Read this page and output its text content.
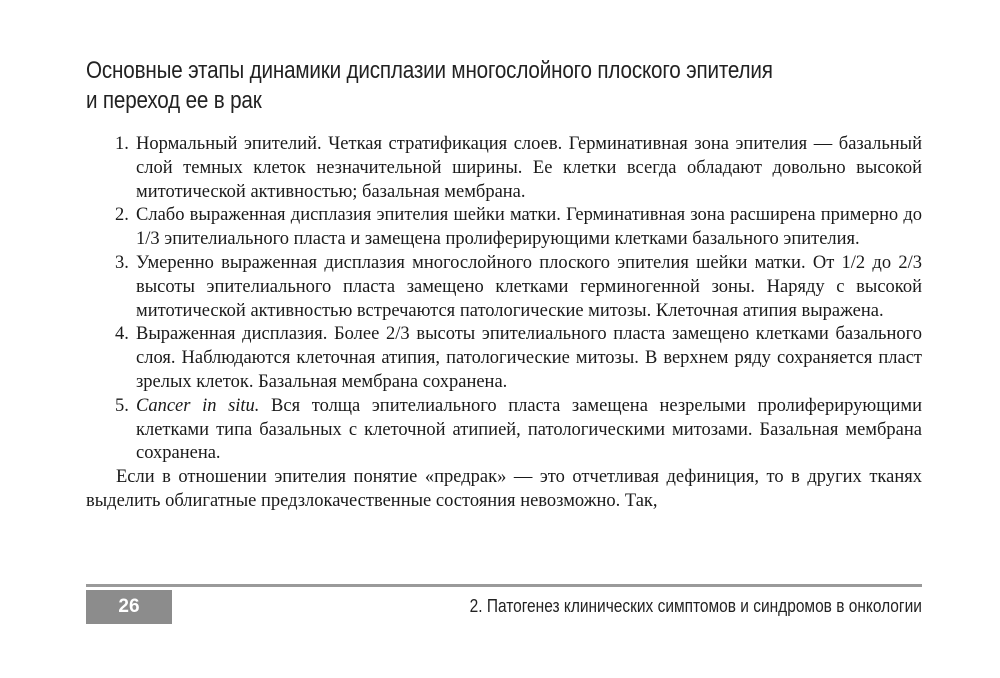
Основные этапы динамики дисплазии многослойного плоского эпителия
и переход ее в рак
1. Нормальный эпителий. Четкая стратификация слоев. Герминативная зона эпителия — базальный слой темных клеток незначительной ширины. Ее клетки всегда обладают довольно высокой митотической активностью; базальная мембрана.
2. Слабо выраженная дисплазия эпителия шейки матки. Герминативная зона расширена примерно до 1/3 эпителиального пласта и замещена пролиферирующими клетками базального эпителия.
3. Умеренно выраженная дисплазия многослойного плоского эпителия шейки матки. От 1/2 до 2/3 высоты эпителиального пласта замещено клетками герминогенной зоны. Наряду с высокой митотической активностью встречаются патологические митозы. Клеточная атипия выражена.
4. Выраженная дисплазия. Более 2/3 высоты эпителиального пласта замещено клетками базального слоя. Наблюдаются клеточная атипия, патологические митозы. В верхнем ряду сохраняется пласт зрелых клеток. Базальная мембрана сохранена.
5. Cancer in situ. Вся толща эпителиального пласта замещена незрелыми пролиферирующими клетками типа базальных с клеточной атипией, патологическими митозами. Базальная мембрана сохранена.

Если в отношении эпителия понятие «предрак» — это отчетливая дефиниция, то в других тканях выделить облигатные предзлокачественные состояния невозможно. Так,

26	2. Патогенез клинических симптомов и синдромов в онкологии
